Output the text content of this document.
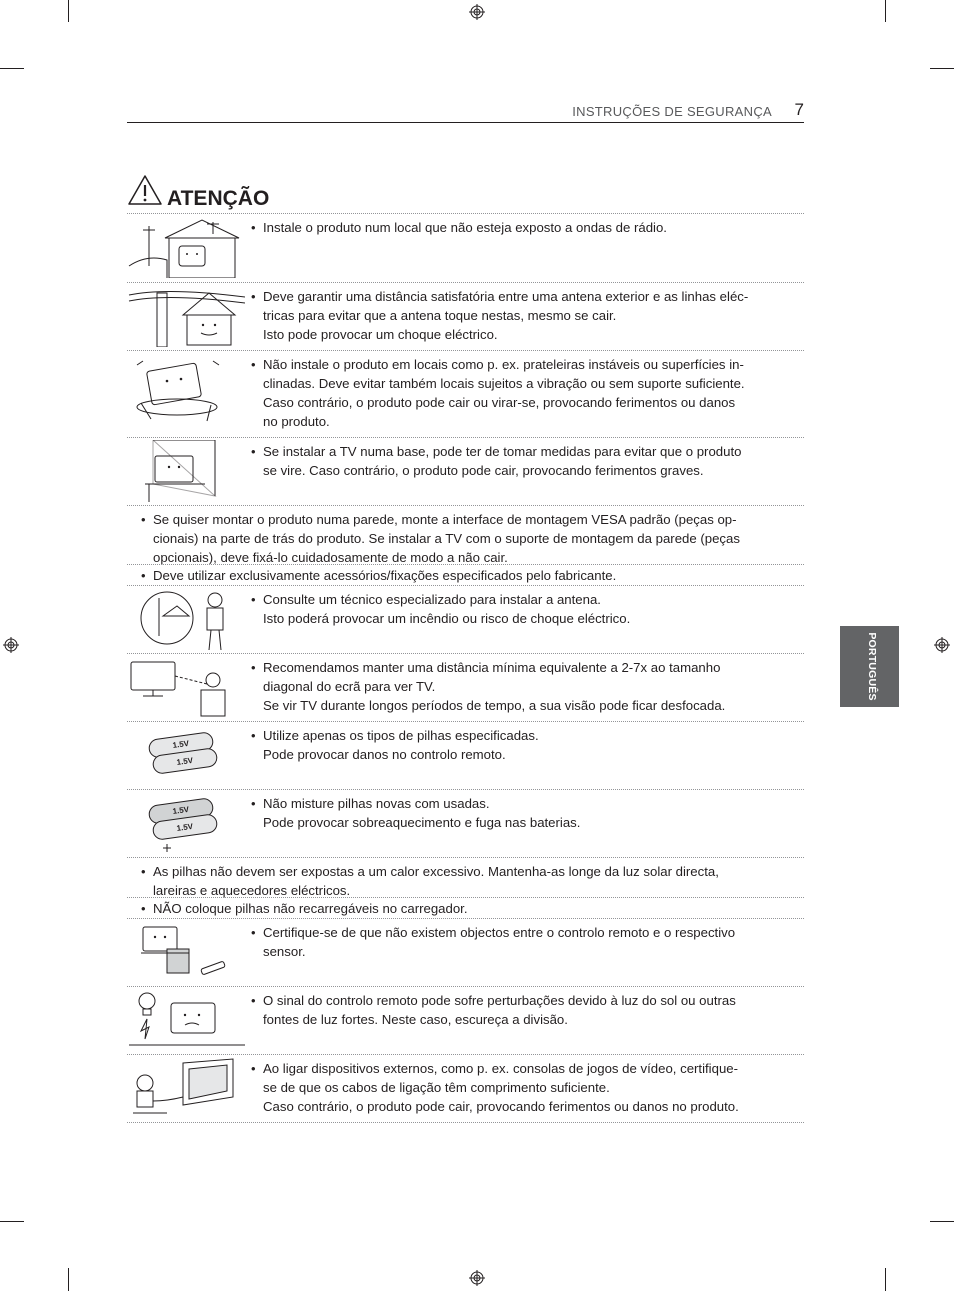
INSTRUÇÕES DE SEGURANÇA 7
PORTUGUÊS
ATENÇÃO
• Instale o produto num local que não esteja exposto a ondas de rádio.
• Deve garantir uma distância satisfatória entre uma antena exterior e as linhas eléc-
tricas para evitar que a antena toque nestas, mesmo se cair.
Isto pode provocar um choque eléctrico.
• Não instale o produto em locais como p. ex. prateleiras instáveis ou superfícies in-
clinadas. Deve evitar também locais sujeitos a vibração ou sem suporte suficiente.
Caso contrário, o produto pode cair ou virar-se, provocando ferimentos ou danos
no produto.
• Se instalar a TV numa base, pode ter de tomar medidas para evitar que o produto
se vire. Caso contrário, o produto pode cair, provocando ferimentos graves.
• Se quiser montar o produto numa parede, monte a interface de montagem VESA padrão (peças op-
cionais) na parte de trás do produto. Se instalar a TV com o suporte de montagem da parede (peças
opcionais), deve fixá-lo cuidadosamente de modo a não cair.
• Deve utilizar exclusivamente acessórios/fixações especificados pelo fabricante.
• Consulte um técnico especializado para instalar a antena.
Isto poderá provocar um incêndio ou risco de choque eléctrico.
• Recomendamos manter uma distância mínima equivalente a 2-7x ao tamanho
diagonal do ecrã para ver TV.
Se vir TV durante longos períodos de tempo, a sua visão pode ficar desfocada.
1.5V
1.5V
• Utilize apenas os tipos de pilhas especificadas.
Pode provocar danos no controlo remoto.
1.5V
1.5V
• Não misture pilhas novas com usadas.
Pode provocar sobreaquecimento e fuga nas baterias.
• As pilhas não devem ser expostas a um calor excessivo. Mantenha-as longe da luz solar directa,
lareiras e aquecedores eléctricos.
• NÃO coloque pilhas não recarregáveis no carregador.
• Certifique-se de que não existem objectos entre o controlo remoto e o respectivo
sensor.
• O sinal do controlo remoto pode sofre perturbações devido à luz do sol ou outras
fontes de luz fortes. Neste caso, escureça a divisão.
• Ao ligar dispositivos externos, como p. ex. consolas de jogos de vídeo, certifique-
se de que os cabos de ligação têm comprimento suficiente.
Caso contrário, o produto pode cair, provocando ferimentos ou danos no produto.
